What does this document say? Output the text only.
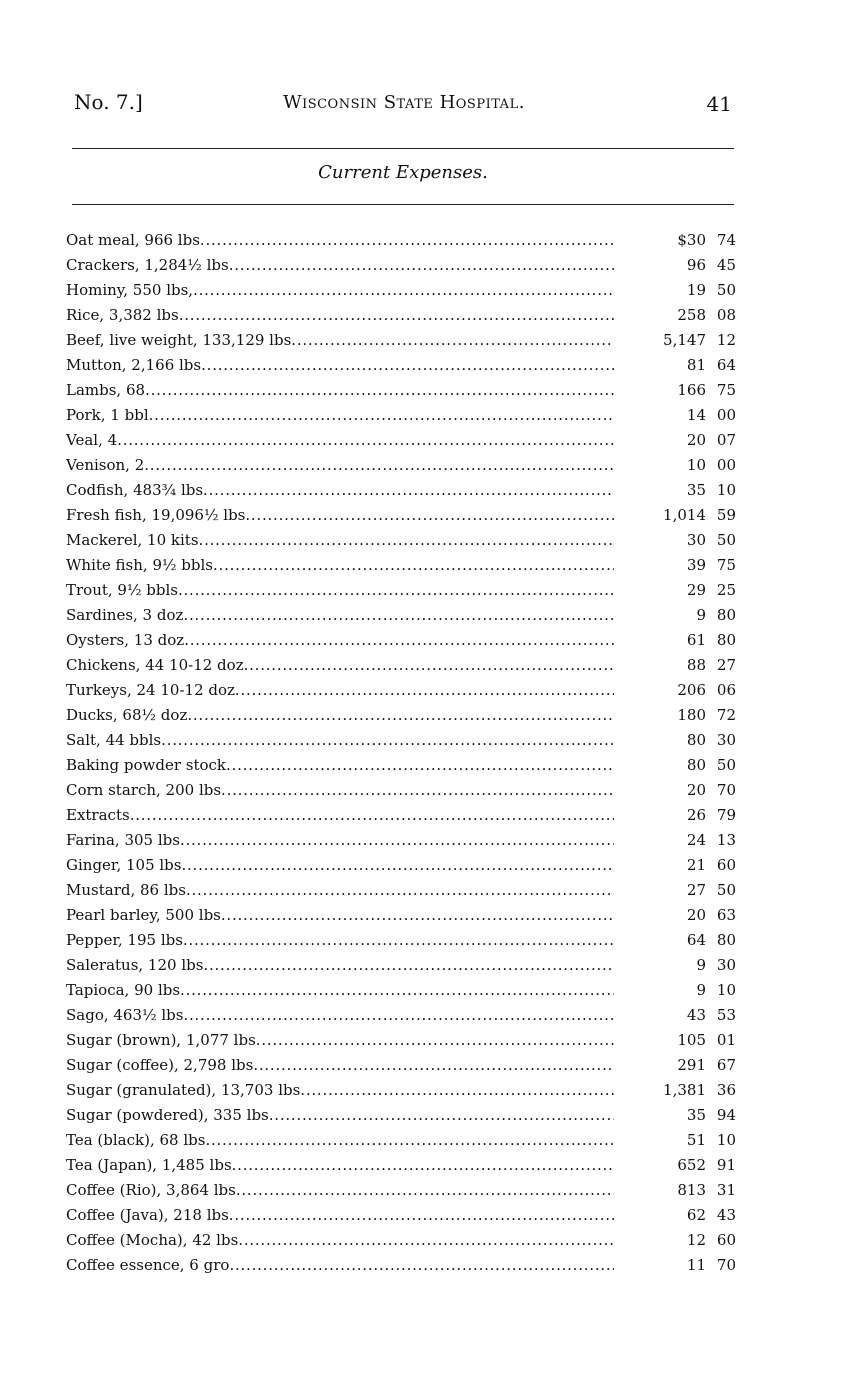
No. 7.]	Wisconsin State Hospital.	41
Current Expenses.
Oat meal, 966 lbs . . .	$30 74
Crackers, 1,284½ lbs . . .	96 45
Hominy, 550 lbs, . . .	19 50
Rice, 3,382 lbs . . .	258 08
Beef, live weight, 133,129 lbs . . .	5,147 12
Mutton, 2,166 lbs . . .	81 64
Lambs, 68 . . .	166 75
Pork, 1 bbl . . .	14 00
Veal, 4 . . .	20 07
Venison, 2 . . .	10 00
Codfish, 483¾ lbs . . .	35 10
Fresh fish, 19,096½ lbs . . .	1,014 59
Mackerel, 10 kits . . .	30 50
White fish, 9½ bbls . . .	39 75
Trout, 9½ bbls . . .	29 25
Sardines, 3 doz . . .	9 80
Oysters, 13 doz . . .	61 80
Chickens, 44 10-12 doz . . .	88 27
Turkeys, 24 10-12 doz . . .	206 06
Ducks, 68½ doz . . .	180 72
Salt, 44 bbls . . .	80 30
Baking powder stock . . .	80 50
Corn starch, 200 lbs . . .	20 70
Extracts . . .	26 79
Farina, 305 lbs . . .	24 13
Ginger, 105 lbs . . .	21 60
Mustard, 86 lbs . . .	27 50
Pearl barley, 500 lbs . . .	20 63
Pepper, 195 lbs . . .	64 80
Saleratus, 120 lbs . . .	9 30
Tapioca, 90 lbs . . .	9 10
Sago, 463½ lbs . . .	43 53
Sugar (brown), 1,077 lbs . . .	105 01
Sugar (coffee), 2,798 lbs . . .	291 67
Sugar (granulated), 13,703 lbs . . .	1,381 36
Sugar (powdered), 335 lbs . . .	35 94
Tea (black), 68 lbs . . .	51 10
Tea (Japan), 1,485 lbs . . .	652 91
Coffee (Rio), 3,864 lbs . . .	813 31
Coffee (Java), 218 lbs . . .	62 43
Coffee (Mocha), 42 lbs . . .	12 60
Coffee essence, 6 gro . . .	11 70
